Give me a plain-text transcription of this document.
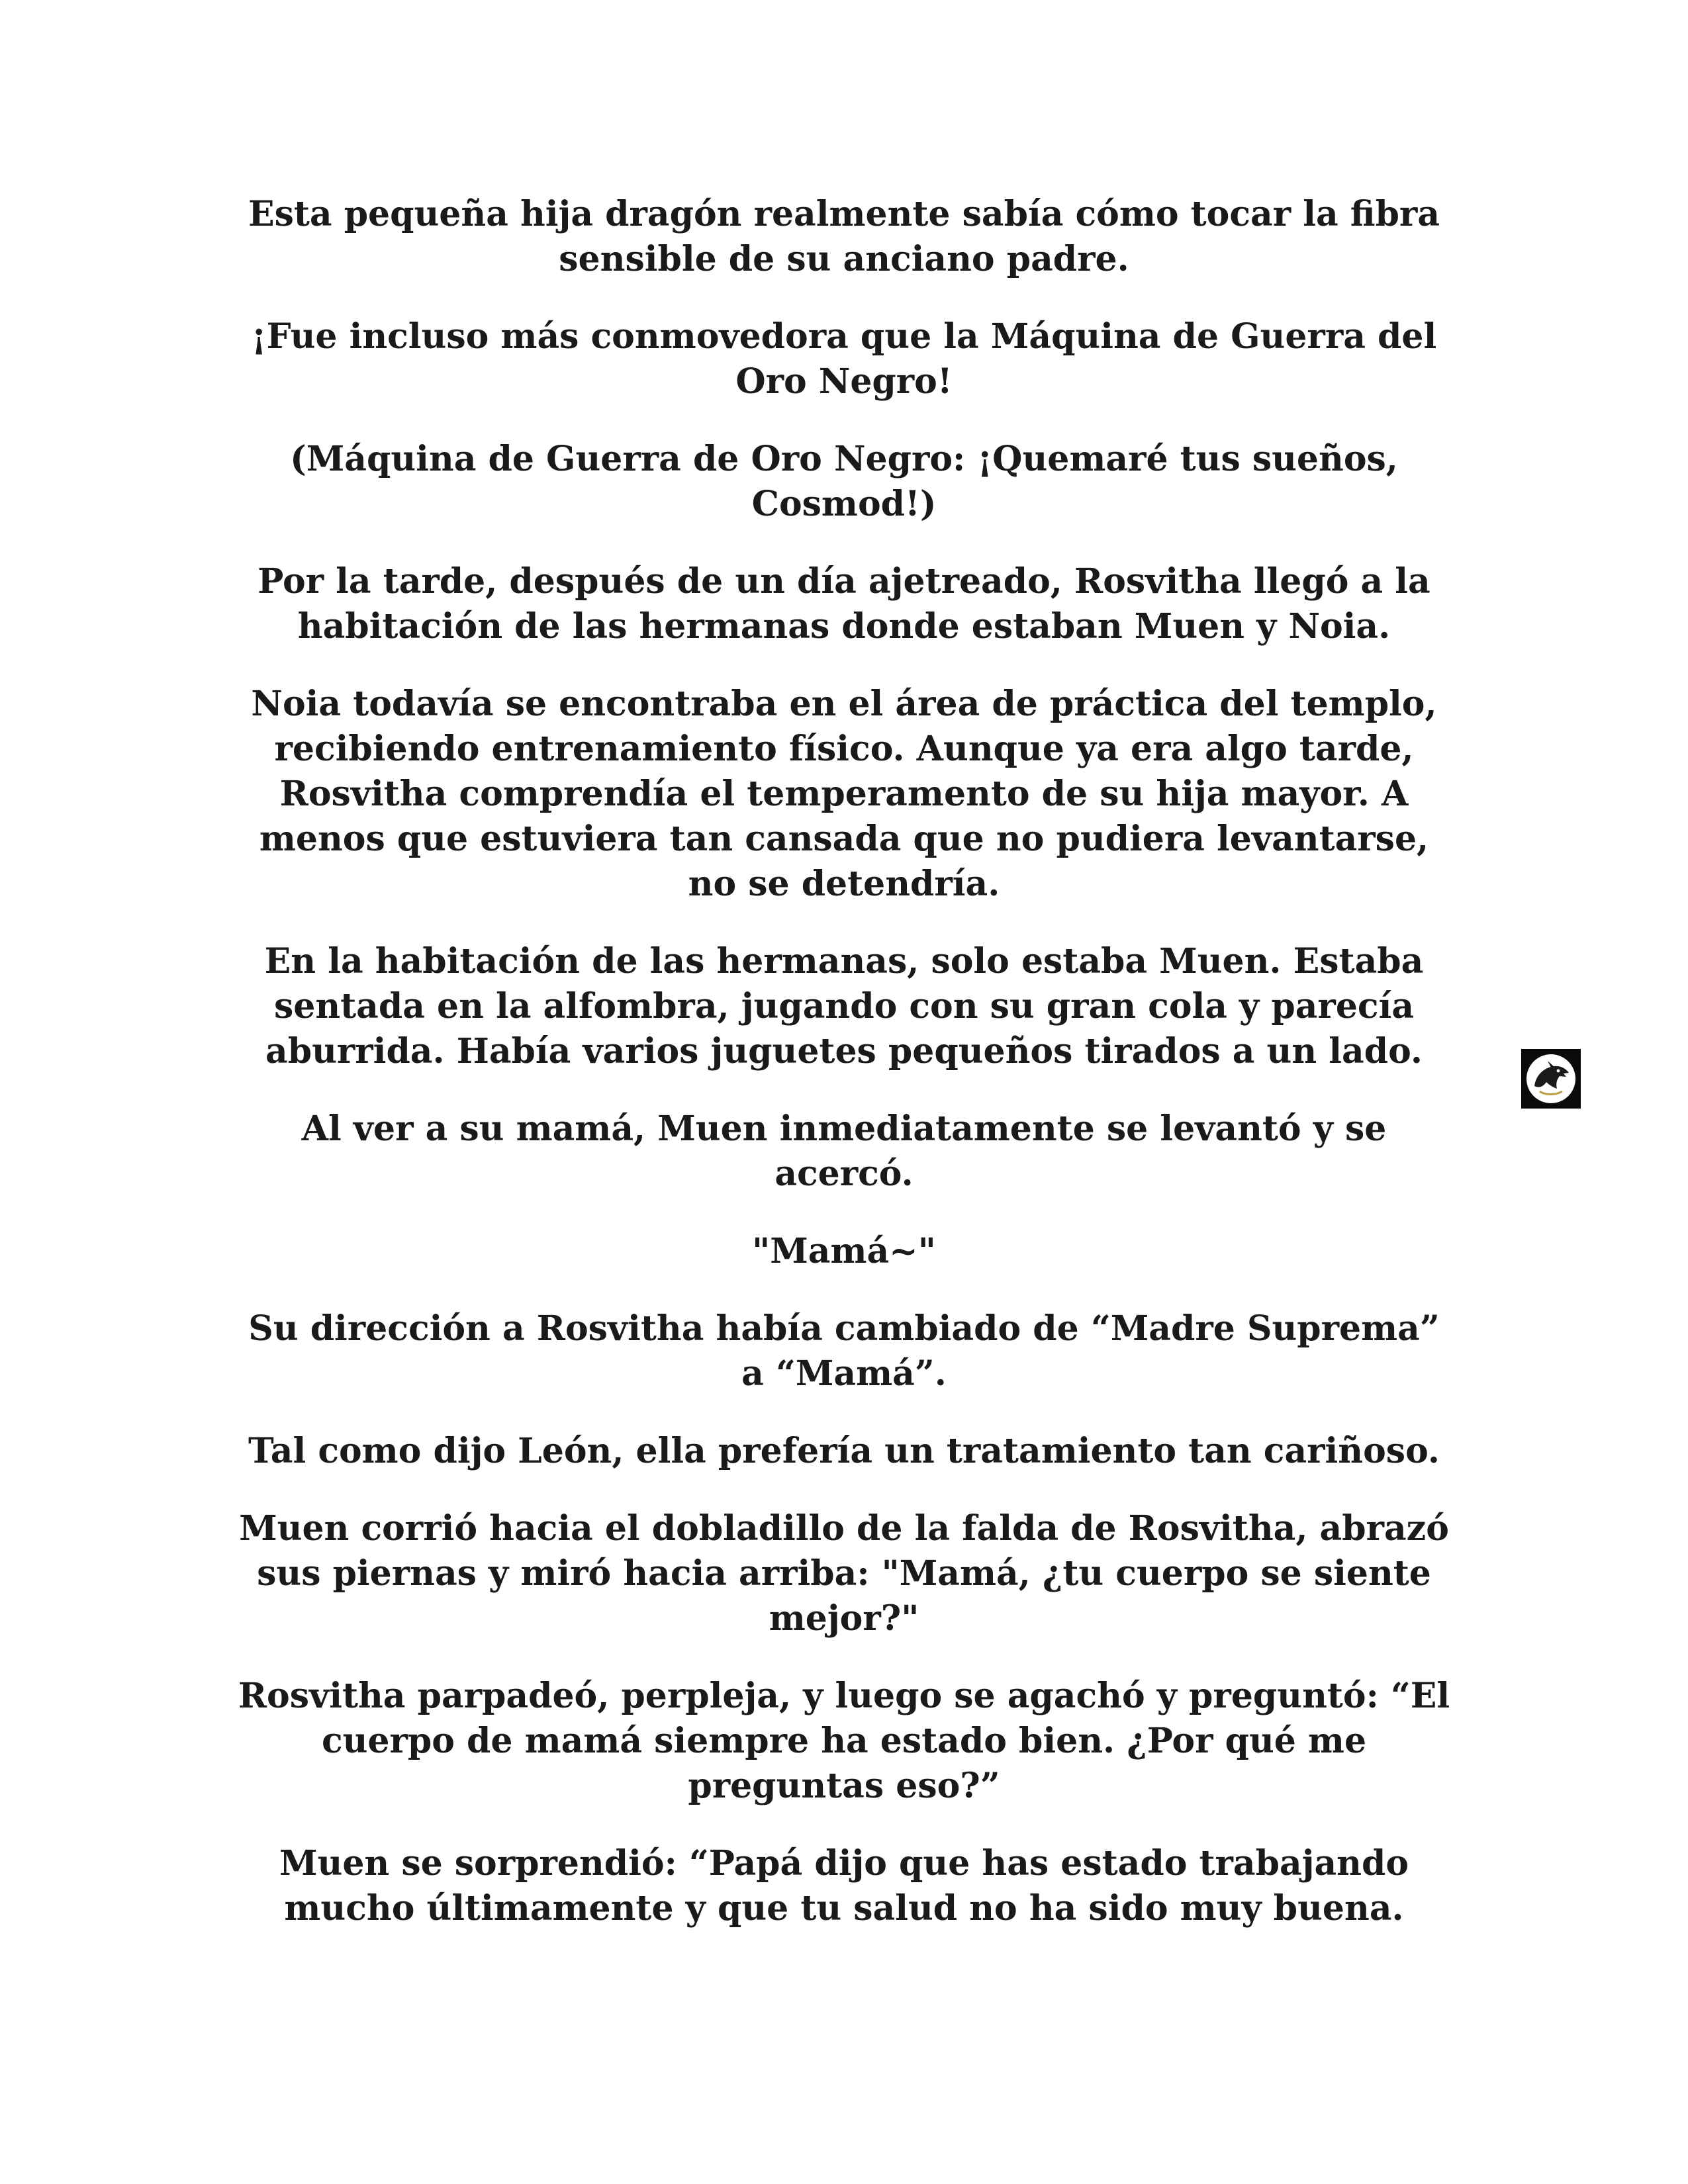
Esta pequeña hija dragón realmente sabía cómo tocar la fibra
sensible de su anciano padre.

¡Fue incluso más conmovedora que la Máquina de Guerra del
Oro Negro!

(Máquina de Guerra de Oro Negro: ¡Quemaré tus sueños,
Cosmod!)

Por la tarde, después de un día ajetreado, Rosvitha llegó a la
habitación de las hermanas donde estaban Muen y Noia.

Noia todavía se encontraba en el área de práctica del templo,
recibiendo entrenamiento físico. Aunque ya era algo tarde,
Rosvitha comprendía el temperamento de su hija mayor. A
menos que estuviera tan cansada que no pudiera levantarse,
no se detendría.

En la habitación de las hermanas, solo estaba Muen. Estaba
sentada en la alfombra, jugando con su gran cola y parecía
aburrida. Había varios juguetes pequeños tirados a un lado.

Al ver a su mamá, Muen inmediatamente se levantó y se
acercó.

"Mamá~"

Su dirección a Rosvitha había cambiado de “Madre Suprema”
a “Mamá”.

Tal como dijo León, ella prefería un tratamiento tan cariñoso.

Muen corrió hacia el dobladillo de la falda de Rosvitha, abrazó
sus piernas y miró hacia arriba: "Mamá, ¿tu cuerpo se siente
mejor?"

Rosvitha parpadeó, perpleja, y luego se agachó y preguntó: “El
cuerpo de mamá siempre ha estado bien. ¿Por qué me
preguntas eso?”

Muen se sorprendió: “Papá dijo que has estado trabajando
mucho últimamente y que tu salud no ha sido muy buena.
